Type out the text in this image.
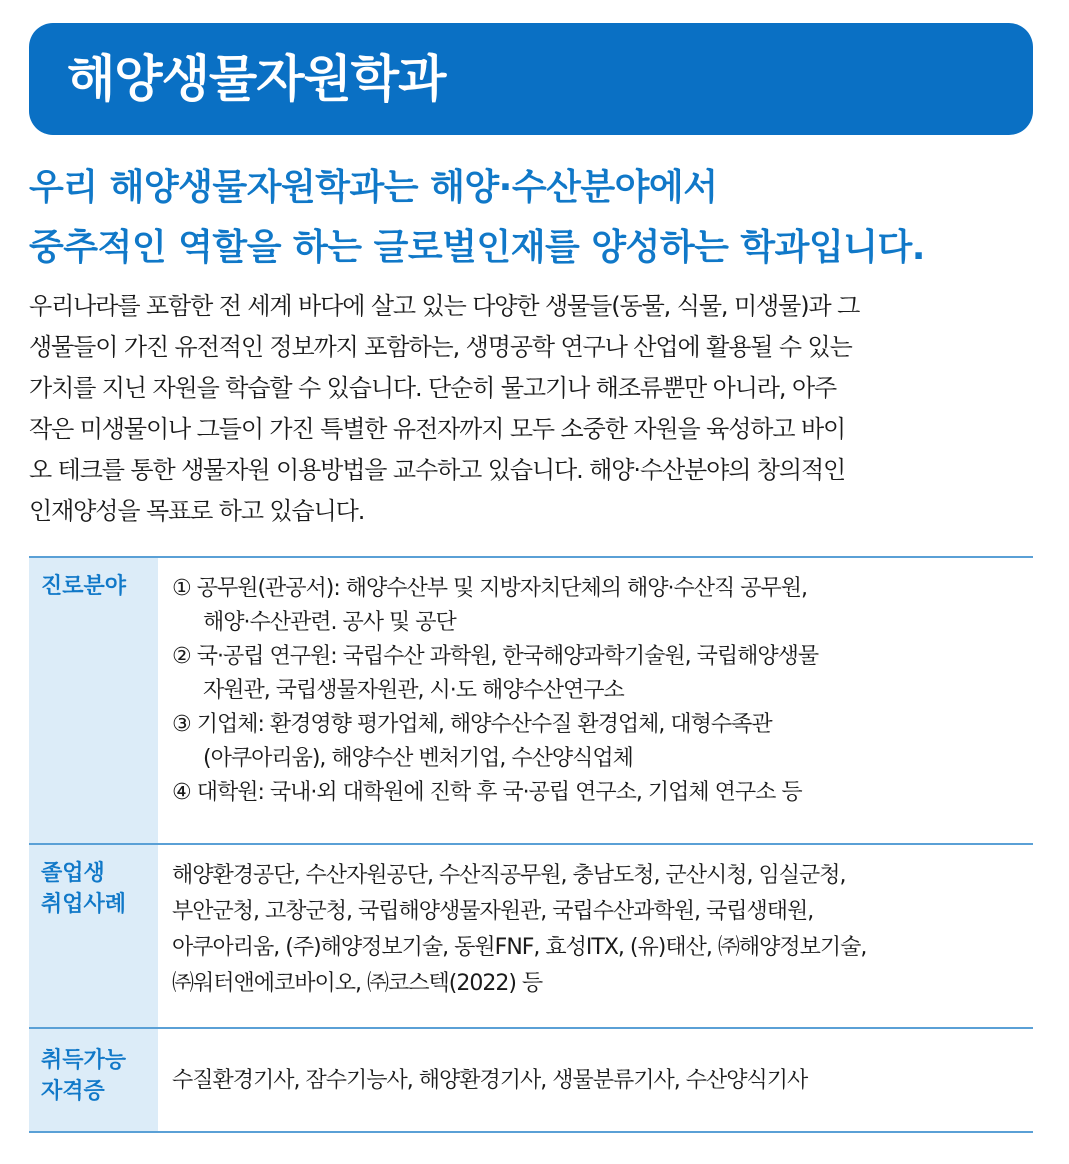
해양생물자원학과
우리 해양생물자원학과는 해양·수산분야에서
중추적인 역할을 하는 글로벌인재를 양성하는 학과입니다.
우리나라를 포함한 전 세계 바다에 살고 있는 다양한 생물들(동물, 식물, 미생물)과 그
생물들이 가진 유전적인 정보까지 포함하는, 생명공학 연구나 산업에 활용될 수 있는
가치를 지닌 자원을 학습할 수 있습니다. 단순히 물고기나 해조류뿐만 아니라, 아주
작은 미생물이나 그들이 가진 특별한 유전자까지 모두 소중한 자원을 육성하고 바이
오 테크를 통한 생물자원 이용방법을 교수하고 있습니다. 해양·수산분야의 창의적인
인재양성을 목표로 하고 있습니다.
진로분야	① 공무원(관공서): 해양수산부 및 지방자치단체의 해양·수산직 공무원,
해양·수산관련. 공사 및 공단
② 국·공립 연구원: 국립수산 과학원, 한국해양과학기술원, 국립해양생물
자원관, 국립생물자원관, 시·도 해양수산연구소
③ 기업체: 환경영향 평가업체, 해양수산수질 환경업체, 대형수족관
(아쿠아리움), 해양수산 벤처기업, 수산양식업체
④ 대학원: 국내·외 대학원에 진학 후 국·공립 연구소, 기업체 연구소 등
졸업생
취업사례
해양환경공단, 수산자원공단, 수산직공무원, 충남도청, 군산시청, 임실군청,
부안군청, 고창군청, 국립해양생물자원관, 국립수산과학원, 국립생태원,
아쿠아리움, (주)해양정보기술, 동원FNF, 효성ITX, (유)태산, ㈜해양정보기술,
㈜워터앤에코바이오, ㈜코스텍(2022) 등
취득가능
자격증	수질환경기사, 잠수기능사, 해양환경기사, 생물분류기사, 수산양식기사
